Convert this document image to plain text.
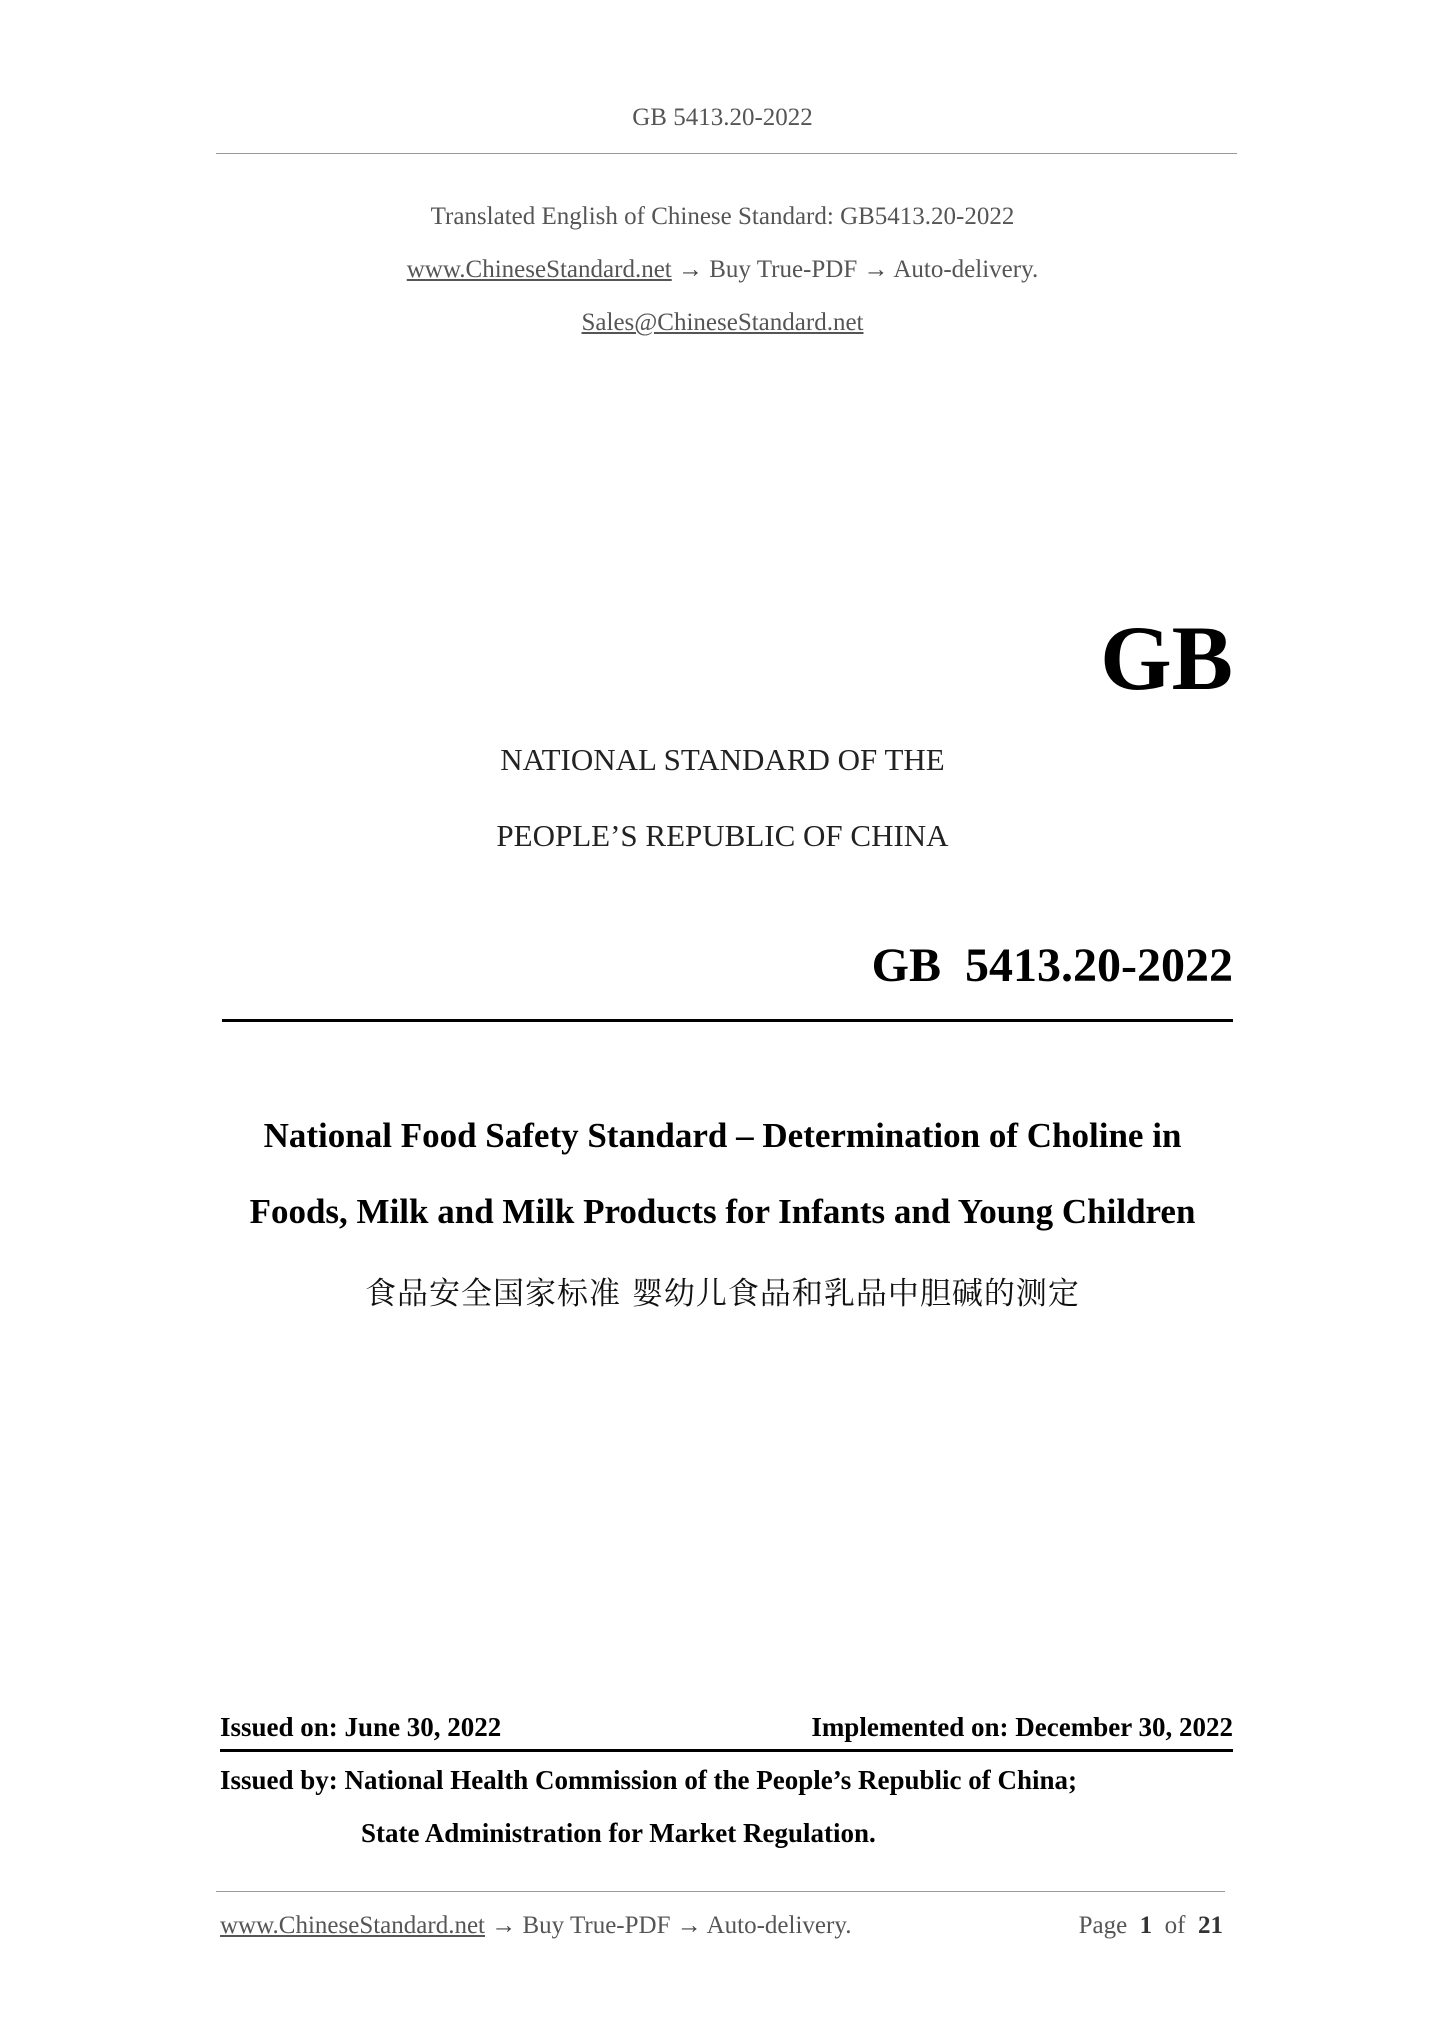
GB 5413.20-2022
Translated English of Chinese Standard: GB5413.20-2022
www.ChineseStandard.net → Buy True-PDF → Auto-delivery.
Sales@ChineseStandard.net
GB
NATIONAL STANDARD OF THE
PEOPLE’S REPUBLIC OF CHINA
GB  5413.20-2022
National Food Safety Standard – Determination of Choline in
Foods, Milk and Milk Products for Infants and Young Children
食品安全国家标准 婴幼儿食品和乳品中胆碱的测定
Issued on: June 30, 2022	Implemented on: December 30, 2022
Issued by: National Health Commission of the People’s Republic of China;
State Administration for Market Regulation.
www.ChineseStandard.net → Buy True-PDF → Auto-delivery.	Page 1 of 21
